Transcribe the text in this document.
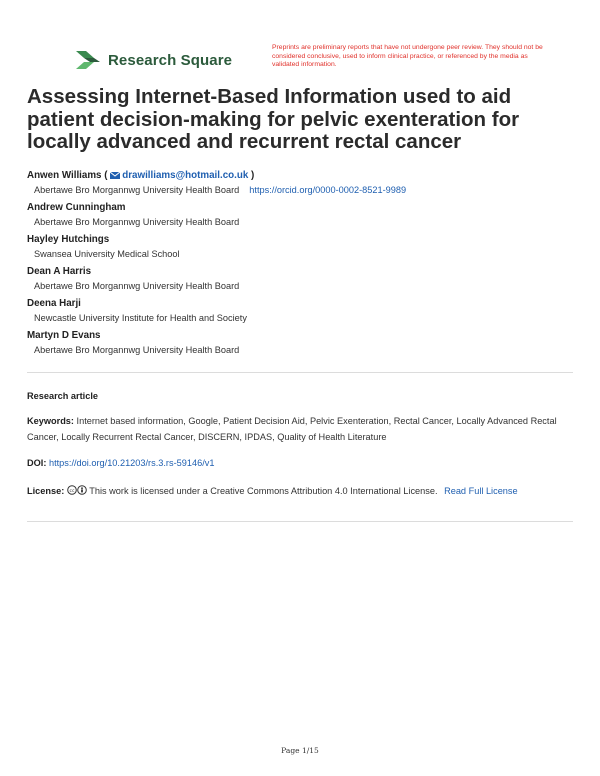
Research Square
Preprints are preliminary reports that have not undergone peer review. They should not be considered conclusive, used to inform clinical practice, or referenced by the media as validated information.
Assessing Internet-Based Information used to aid patient decision-making for pelvic exenteration for locally advanced and recurrent rectal cancer
Anwen Williams ( drawilliams@hotmail.co.uk )
Abertawe Bro Morgannwg University Health Board https://orcid.org/0000-0002-8521-9989
Andrew Cunningham
Abertawe Bro Morgannwg University Health Board
Hayley Hutchings
Swansea University Medical School
Dean A Harris
Abertawe Bro Morgannwg University Health Board
Deena Harji
Newcastle University Institute for Health and Society
Martyn D Evans
Abertawe Bro Morgannwg University Health Board
Research article
Keywords: Internet based information, Google, Patient Decision Aid, Pelvic Exenteration, Rectal Cancer, Locally Advanced Rectal Cancer, Locally Recurrent Rectal Cancer, DISCERN, IPDAS, Quality of Health Literature
DOI: https://doi.org/10.21203/rs.3.rs-59146/v1
License: cc This work is licensed under a Creative Commons Attribution 4.0 International License. Read Full License
Page 1/15
